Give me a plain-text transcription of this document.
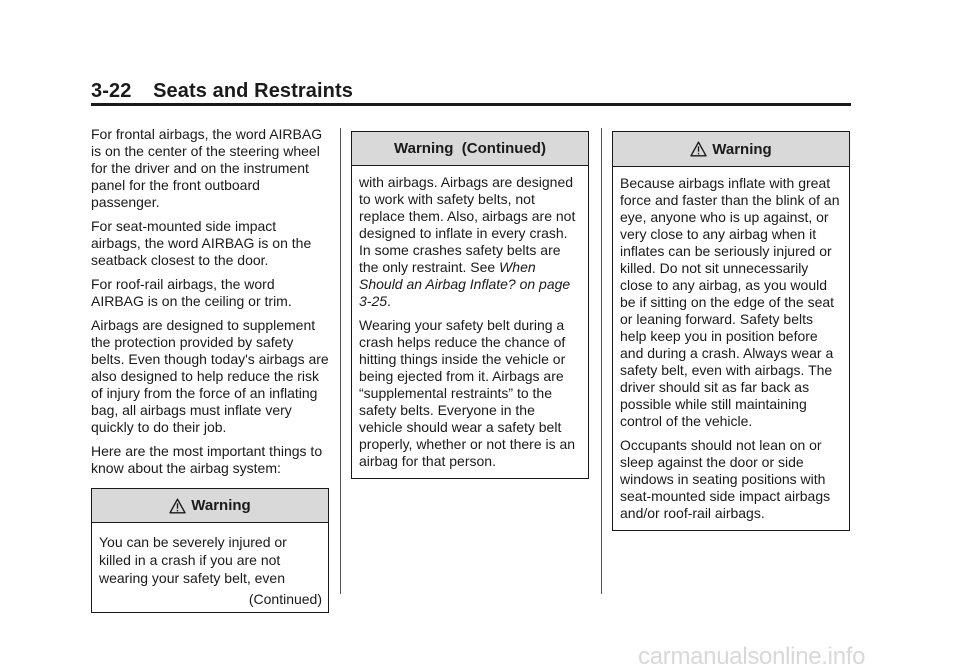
3-22 Seats and Restraints

For frontal airbags, the word AIRBAG is on the center of the steering wheel for the driver and on the instrument panel for the front outboard passenger.

For seat-mounted side impact airbags, the word AIRBAG is on the seatback closest to the door.

For roof-rail airbags, the word AIRBAG is on the ceiling or trim.

Airbags are designed to supplement the protection provided by safety belts. Even though today's airbags are also designed to help reduce the risk of injury from the force of an inflating bag, all airbags must inflate very quickly to do their job.

Here are the most important things to know about the airbag system:

Warning
You can be severely injured or killed in a crash if you are not wearing your safety belt, even
(Continued)
Warning  (Continued)

with airbags. Airbags are designed to work with safety belts, not replace them. Also, airbags are not designed to inflate in every crash. In some crashes safety belts are the only restraint. See When Should an Airbag Inflate? on page 3-25.

Wearing your safety belt during a crash helps reduce the chance of hitting things inside the vehicle or being ejected from it. Airbags are “supplemental restraints” to the safety belts. Everyone in the vehicle should wear a safety belt properly, whether or not there is an airbag for that person.

Warning

Because airbags inflate with great force and faster than the blink of an eye, anyone who is up against, or very close to any airbag when it inflates can be seriously injured or killed. Do not sit unnecessarily close to any airbag, as you would be if sitting on the edge of the seat or leaning forward. Safety belts help keep you in position before and during a crash. Always wear a safety belt, even with airbags. The driver should sit as far back as possible while still maintaining control of the vehicle.

Occupants should not lean on or sleep against the door or side windows in seating positions with seat-mounted side impact airbags and/or roof-rail airbags.

carmanualsonline.info
